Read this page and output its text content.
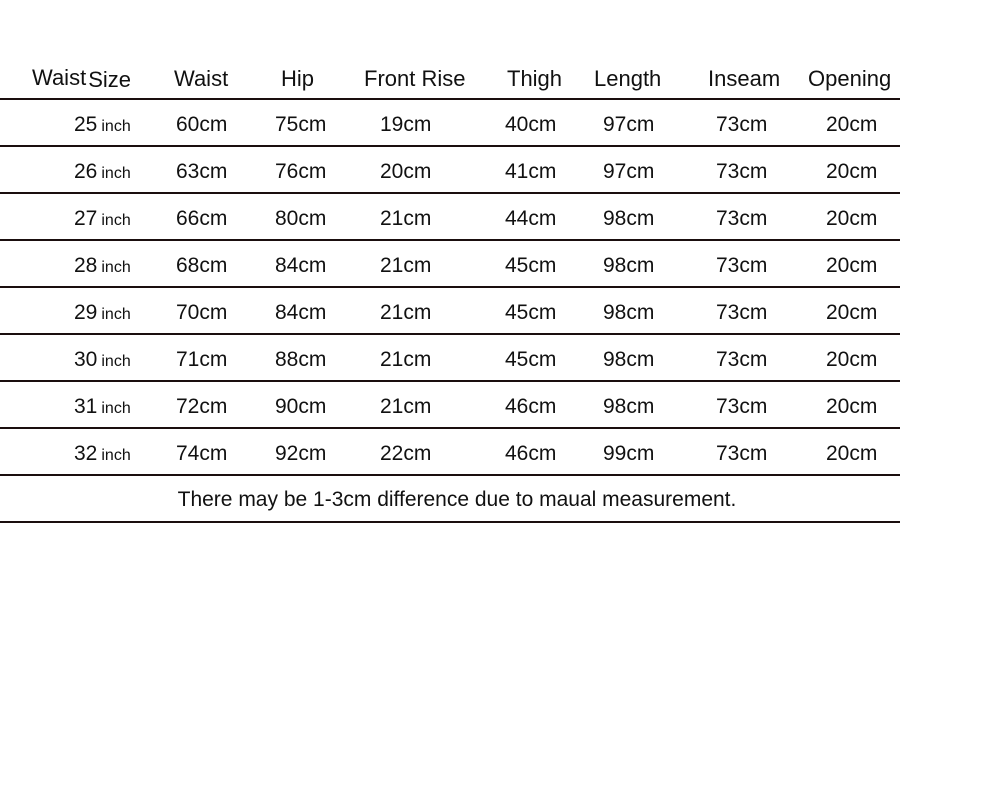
WaistSize Waist Hip Front Rise Thigh Length Inseam Opening
25 inch 60cm 75cm	19cm	40cm 97cm	73cm	20cm
26 inch 63cm 76cm	20cm	41cm 97cm	73cm	20cm
27 inch 66cm 80cm	21cm	44cm 98cm	73cm	20cm
28 inch 68cm 84cm	21cm	45cm 98cm	73cm	20cm
29 inch 70cm 84cm	21cm	45cm 98cm	73cm	20cm
30 inch 71cm 88cm	21cm	45cm 98cm	73cm	20cm
31 inch 72cm 90cm	21cm	46cm 98cm	73cm	20cm
32 inch 74cm 92cm	22cm	46cm 99cm	73cm	20cm
There may be 1-3cm difference due to maual measurement.
